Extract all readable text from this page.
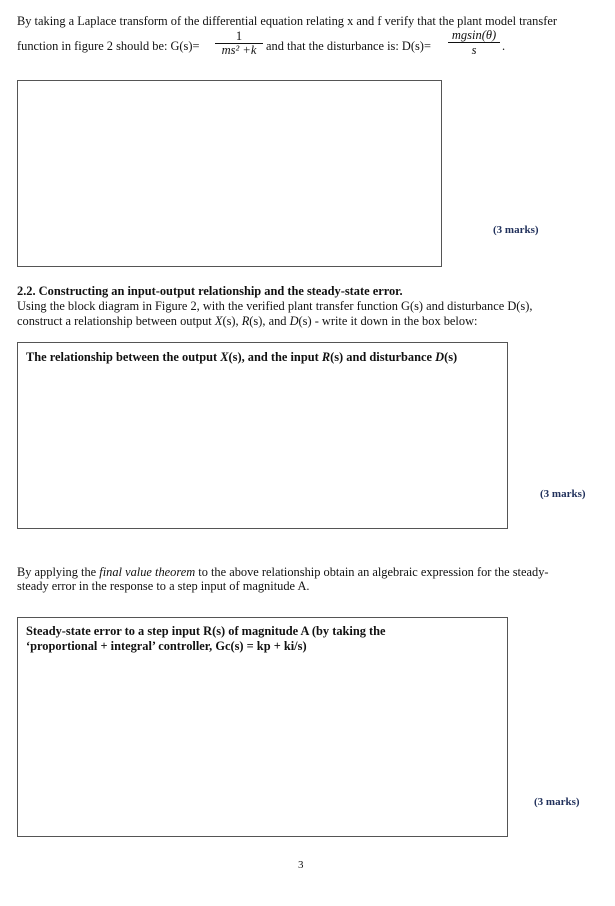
By taking a Laplace transform of the differential equation relating x and f verify that the plant model transfer
function in figure 2 should be: $G(s)= \frac{1}{\text{ms² +k}}$ and that the disturbance is: $D(s)= \frac{mgsin(\theta)}{s}$ .
(3 marks)
2.2. Constructing an input-output relationship and the steady-state error.
Using the block diagram in Figure 2, with the verified plant transfer function G(s) and disturbance D(s),
construct a relationship between output X(s), R(s), and D(s) - write it down in the box below:
The relationship between the output X(s), and the input R(s) and disturbance D(s)
(3 marks)
By applying the final value theorem to the above relationship obtain an algebraic expression for the steady-
steady error in the response to a step input of magnitude A.
Steady-state error to a step input R(s) of magnitude A (by taking the
‘proportional + integral’ controller, Gc(s) = kp + ki/s)
(3 marks)
3
